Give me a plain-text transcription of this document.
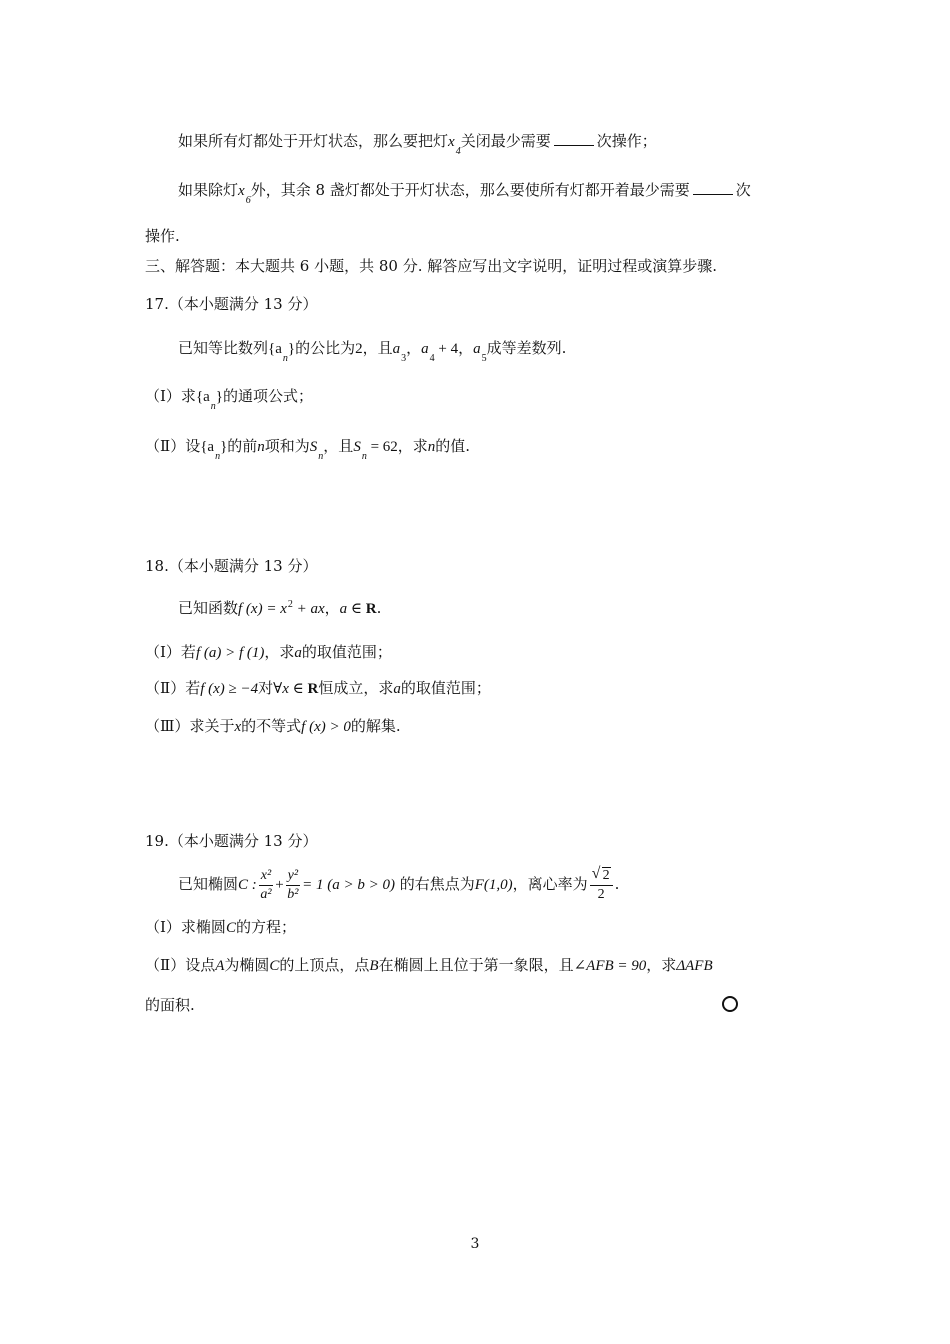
如果所有灯都处于开灯状态，那么要把灯$x_4$关闭最少需要	次操作；
如果除灯$x_6$外，其余 8 盏灯都处于开灯状态，那么要使所有灯都开着最少需要	次
操作.
三、解答题：本大题共 6 小题，共 80 分. 解答应写出文字说明，证明过程或演算步骤.
17.（本小题满分 13 分）
已知等比数列$\{a_n\}$的公比为2，且$a_3$，$a_4 + 4$，$a_5$成等差数列.
（Ⅰ）求$\{a_n\}$的通项公式；
（Ⅱ）设$\{a_n\}$的前n项和为$S_n$，且$S_n = 62$，求n的值.
18.（本小题满分 13 分）
已知函数f $(x) = x^2$ + ax，a ∈ R.
（Ⅰ）若f (a) > f (1)，求a的取值范围；
（Ⅱ）若f (x) ≥ −4对∀x ∈ R恒成立，求a的取值范围；
（Ⅲ）求关于x的不等式f (x) > 0的解集.
19.（本小题满分 13 分）
已知椭圆C : $\frac{\text{x²}}{\text{a²}} + \frac{\text{y²}}{\text{b²}} = 1$ (a > b > 0) 的右焦点为F(1,0)，离心率为 $\frac{√ 2}{2}$ .
（Ⅰ）求椭圆C的方程；
（Ⅱ）设点A为椭圆C的上顶点，点B在椭圆上且位于第一象限，且∠AFB = 90，求ΔAFB
的面积.
3
